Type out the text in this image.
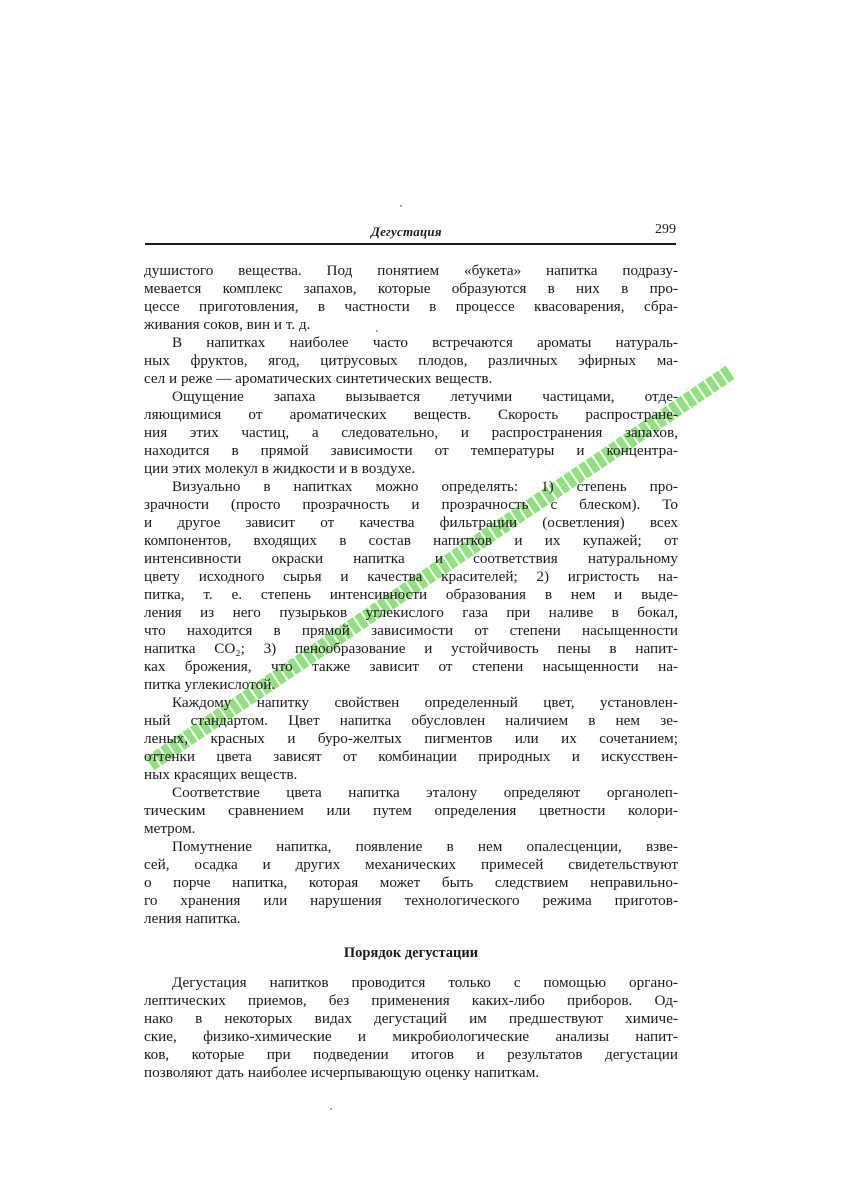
Дегустация	299
душистого вещества. Под понятием «букета» напитка подразу-
мевается комплекс запахов, которые образуются в них в про-
цессе приготовления, в частности в процессе квасоварения, сбра-
живания соков, вин и т. д.
В напитках наиболее часто встречаются ароматы натураль-
ных фруктов, ягод, цитрусовых плодов, различных эфирных ма-
сел и реже — ароматических синтетических веществ.
Ощущение запаха вызывается летучими частицами, отде-
ляющимися от ароматических веществ. Скорость распростране-
ния этих частиц, а следовательно, и распространения запахов,
находится в прямой зависимости от температуры и концентра-
ции этих молекул в жидкости и в воздухе.
Визуально в напитках можно определять: 1) степень про-
зрачности (просто прозрачность и прозрачность с блеском). То
и другое зависит от качества фильтрации (осветления) всех
компонентов, входящих в состав напитков и их купажей; от
интенсивности окраски напитка и соответствия натуральному
цвету исходного сырья и качества красителей; 2) игристость на-
питка, т. е. степень интенсивности образования в нем и выде-
ления из него пузырьков углекислого газа при наливе в бокал,
что находится в прямой зависимости от степени насыщенности
напитка CO₂; 3) пенообразование и устойчивость пены в напит-
ках брожения, что также зависит от степени насыщенности на-
питка углекислотой.
Каждому напитку свойствен определенный цвет, установлен-
ный стандартом. Цвет напитка обусловлен наличием в нем зе-
леных, красных и буро-желтых пигментов или их сочетанием;
оттенки цвета зависят от комбинации природных и искусствен-
ных красящих веществ.
Соответствие цвета напитка эталону определяют органолеп-
тическим сравнением или путем определения цветности колори-
метром.
Помутнение напитка, появление в нем опалесценции, взве-
сей, осадка и других механических примесей свидетельствуют
о порче напитка, которая может быть следствием неправильно-
го хранения или нарушения технологического режима приготов-
ления напитка.
Порядок дегустации
Дегустация напитков проводится только с помощью органо-
лептических приемов, без применения каких-либо приборов. Од-
нако в некоторых видах дегустаций им предшествуют химиче-
ские, физико-химические и микробиологические анализы напит-
ков, которые при подведении итогов и результатов дегустации
позволяют дать наиболее исчерпывающую оценку напиткам.
